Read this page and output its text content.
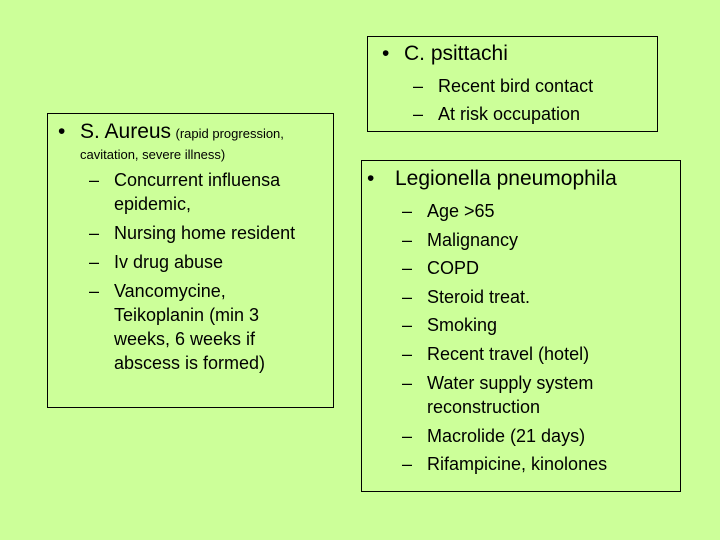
• C. psittachi
– Recent bird contact
– At risk occupation
• S. Aureus (rapid progression,
cavitation, severe illness)
– Concurrent influensa
epidemic,
– Nursing home resident
– Iv drug abuse
– Vancomycine,
Teikoplanin (min 3
weeks, 6 weeks if
abscess is formed)
• Legionella pneumophila
– Age >65
– Malignancy
– COPD
– Steroid treat.
– Smoking
– Recent travel (hotel)
– Water supply system
reconstruction
– Macrolide (21 days)
– Rifampicine, kinolones
